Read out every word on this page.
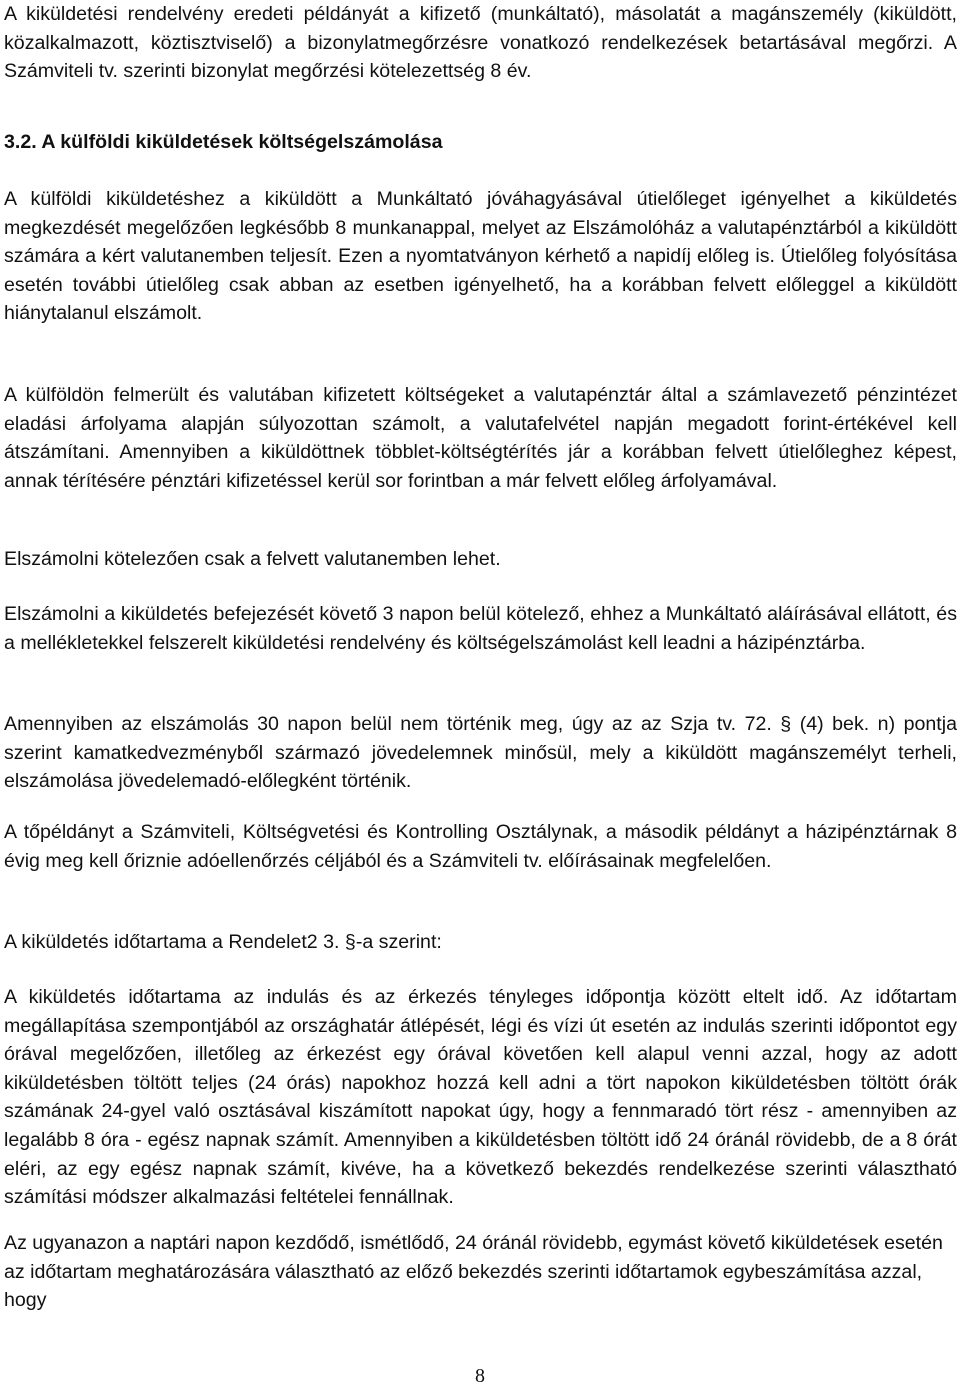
A kiküldetési rendelvény eredeti példányát a kifizető (munkáltató), másolatát a magánszemély (kiküldött, közalkalmazott, köztisztviselő) a bizonylatmegőrzésre vonatkozó rendelkezések betartásával megőrzi. A Számviteli tv. szerinti bizonylat megőrzési kötelezettség 8 év.

3.2. A külföldi kiküldetések költségelszámolása

A külföldi kiküldetéshez a kiküldött a Munkáltató jóváhagyásával útielőleget igényelhet a kiküldetés megkezdését megelőzően legkésőbb 8 munkanappal, melyet az Elszámolóház a valutapénztárból a kiküldött számára a kért valutanemben teljesít. Ezen a nyomtatványon kérhető a napidíj előleg is. Útielőleg folyósítása esetén további útielőleg csak abban az esetben igényelhető, ha a korábban felvett előleggel a kiküldött hiánytalanul elszámolt.

A külföldön felmerült és valutában kifizetett költségeket a valutapénztár által a számlavezető pénzintézet eladási árfolyama alapján súlyozottan számolt, a valutafelvétel napján megadott forint-értékével kell átszámítani. Amennyiben a kiküldöttnek többlet-költségtérítés jár a korábban felvett útielőleghez képest, annak térítésére pénztári kifizetéssel kerül sor forintban a már felvett előleg árfolyamával.

Elszámolni kötelezően csak a felvett valutanemben lehet.

Elszámolni a kiküldetés befejezését követő 3 napon belül kötelező, ehhez a Munkáltató aláírásával ellátott, és a mellékletekkel felszerelt kiküldetési rendelvény és költségelszámolást kell leadni a házipénztárba.

Amennyiben az elszámolás 30 napon belül nem történik meg, úgy az az Szja tv. 72. § (4) bek. n) pontja szerint kamatkedvezményből származó jövedelemnek minősül, mely a kiküldött magánszemélyt terheli, elszámolása jövedelemadó-előlegként történik.

A tőpéldányt a Számviteli, Költségvetési és Kontrolling Osztálynak, a második példányt a házipénztárnak 8 évig meg kell őriznie adóellenőrzés céljából és a Számviteli tv. előírásainak megfelelően.

A kiküldetés időtartama a Rendelet2 3. §-a szerint:

A kiküldetés időtartama az indulás és az érkezés tényleges időpontja között eltelt idő. Az időtartam megállapítása szempontjából az országhatár átlépését, légi és vízi út esetén az indulás szerinti időpontot egy órával megelőzően, illetőleg az érkezést egy órával követően kell alapul venni azzal, hogy az adott kiküldetésben töltött teljes (24 órás) napokhoz hozzá kell adni a tört napokon kiküldetésben töltött órák számának 24-gyel való osztásával kiszámított napokat úgy, hogy a fennmaradó tört rész - amennyiben az legalább 8 óra - egész napnak számít. Amennyiben a kiküldetésben töltött idő 24 óránál rövidebb, de a 8 órát eléri, az egy egész napnak számít, kivéve, ha a következő bekezdés rendelkezése szerinti választható számítási módszer alkalmazási feltételei fennállnak.

Az ugyanazon a naptári napon kezdődő, ismétlődő, 24 óránál rövidebb, egymást követő kiküldetések esetén az időtartam meghatározására választható az előző bekezdés szerinti időtartamok egybeszámítása azzal, hogy

8
